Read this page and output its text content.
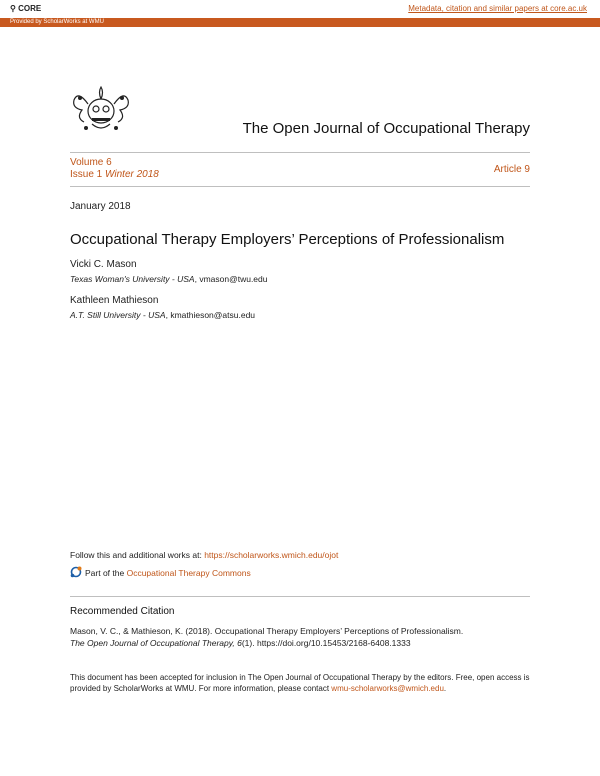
⚲ CORE	Metadata, citation and similar papers at core.ac.uk
Provided by ScholarWorks at WMU
The Open Journal of Occupational Therapy
Volume 6
Issue 1 Winter 2018	Article 9
January 2018
Occupational Therapy Employers’ Perceptions of Professionalism
Vicki C. Mason
Texas Woman's University - USA, vmason@twu.edu
Kathleen Mathieson
A.T. Still University - USA, kmathieson@atsu.edu
Follow this and additional works at: https://scholarworks.wmich.edu/ojot
Part of the Occupational Therapy Commons
Recommended Citation
Mason, V. C., & Mathieson, K. (2018). Occupational Therapy Employers’ Perceptions of Professionalism.
The Open Journal of Occupational Therapy, 6(1). https://doi.org/10.15453/2168-6408.1333
This document has been accepted for inclusion in The Open Journal of Occupational Therapy by the editors. Free, open access is provided by ScholarWorks at WMU. For more information, please contact wmu-scholarworks@wmich.edu.
